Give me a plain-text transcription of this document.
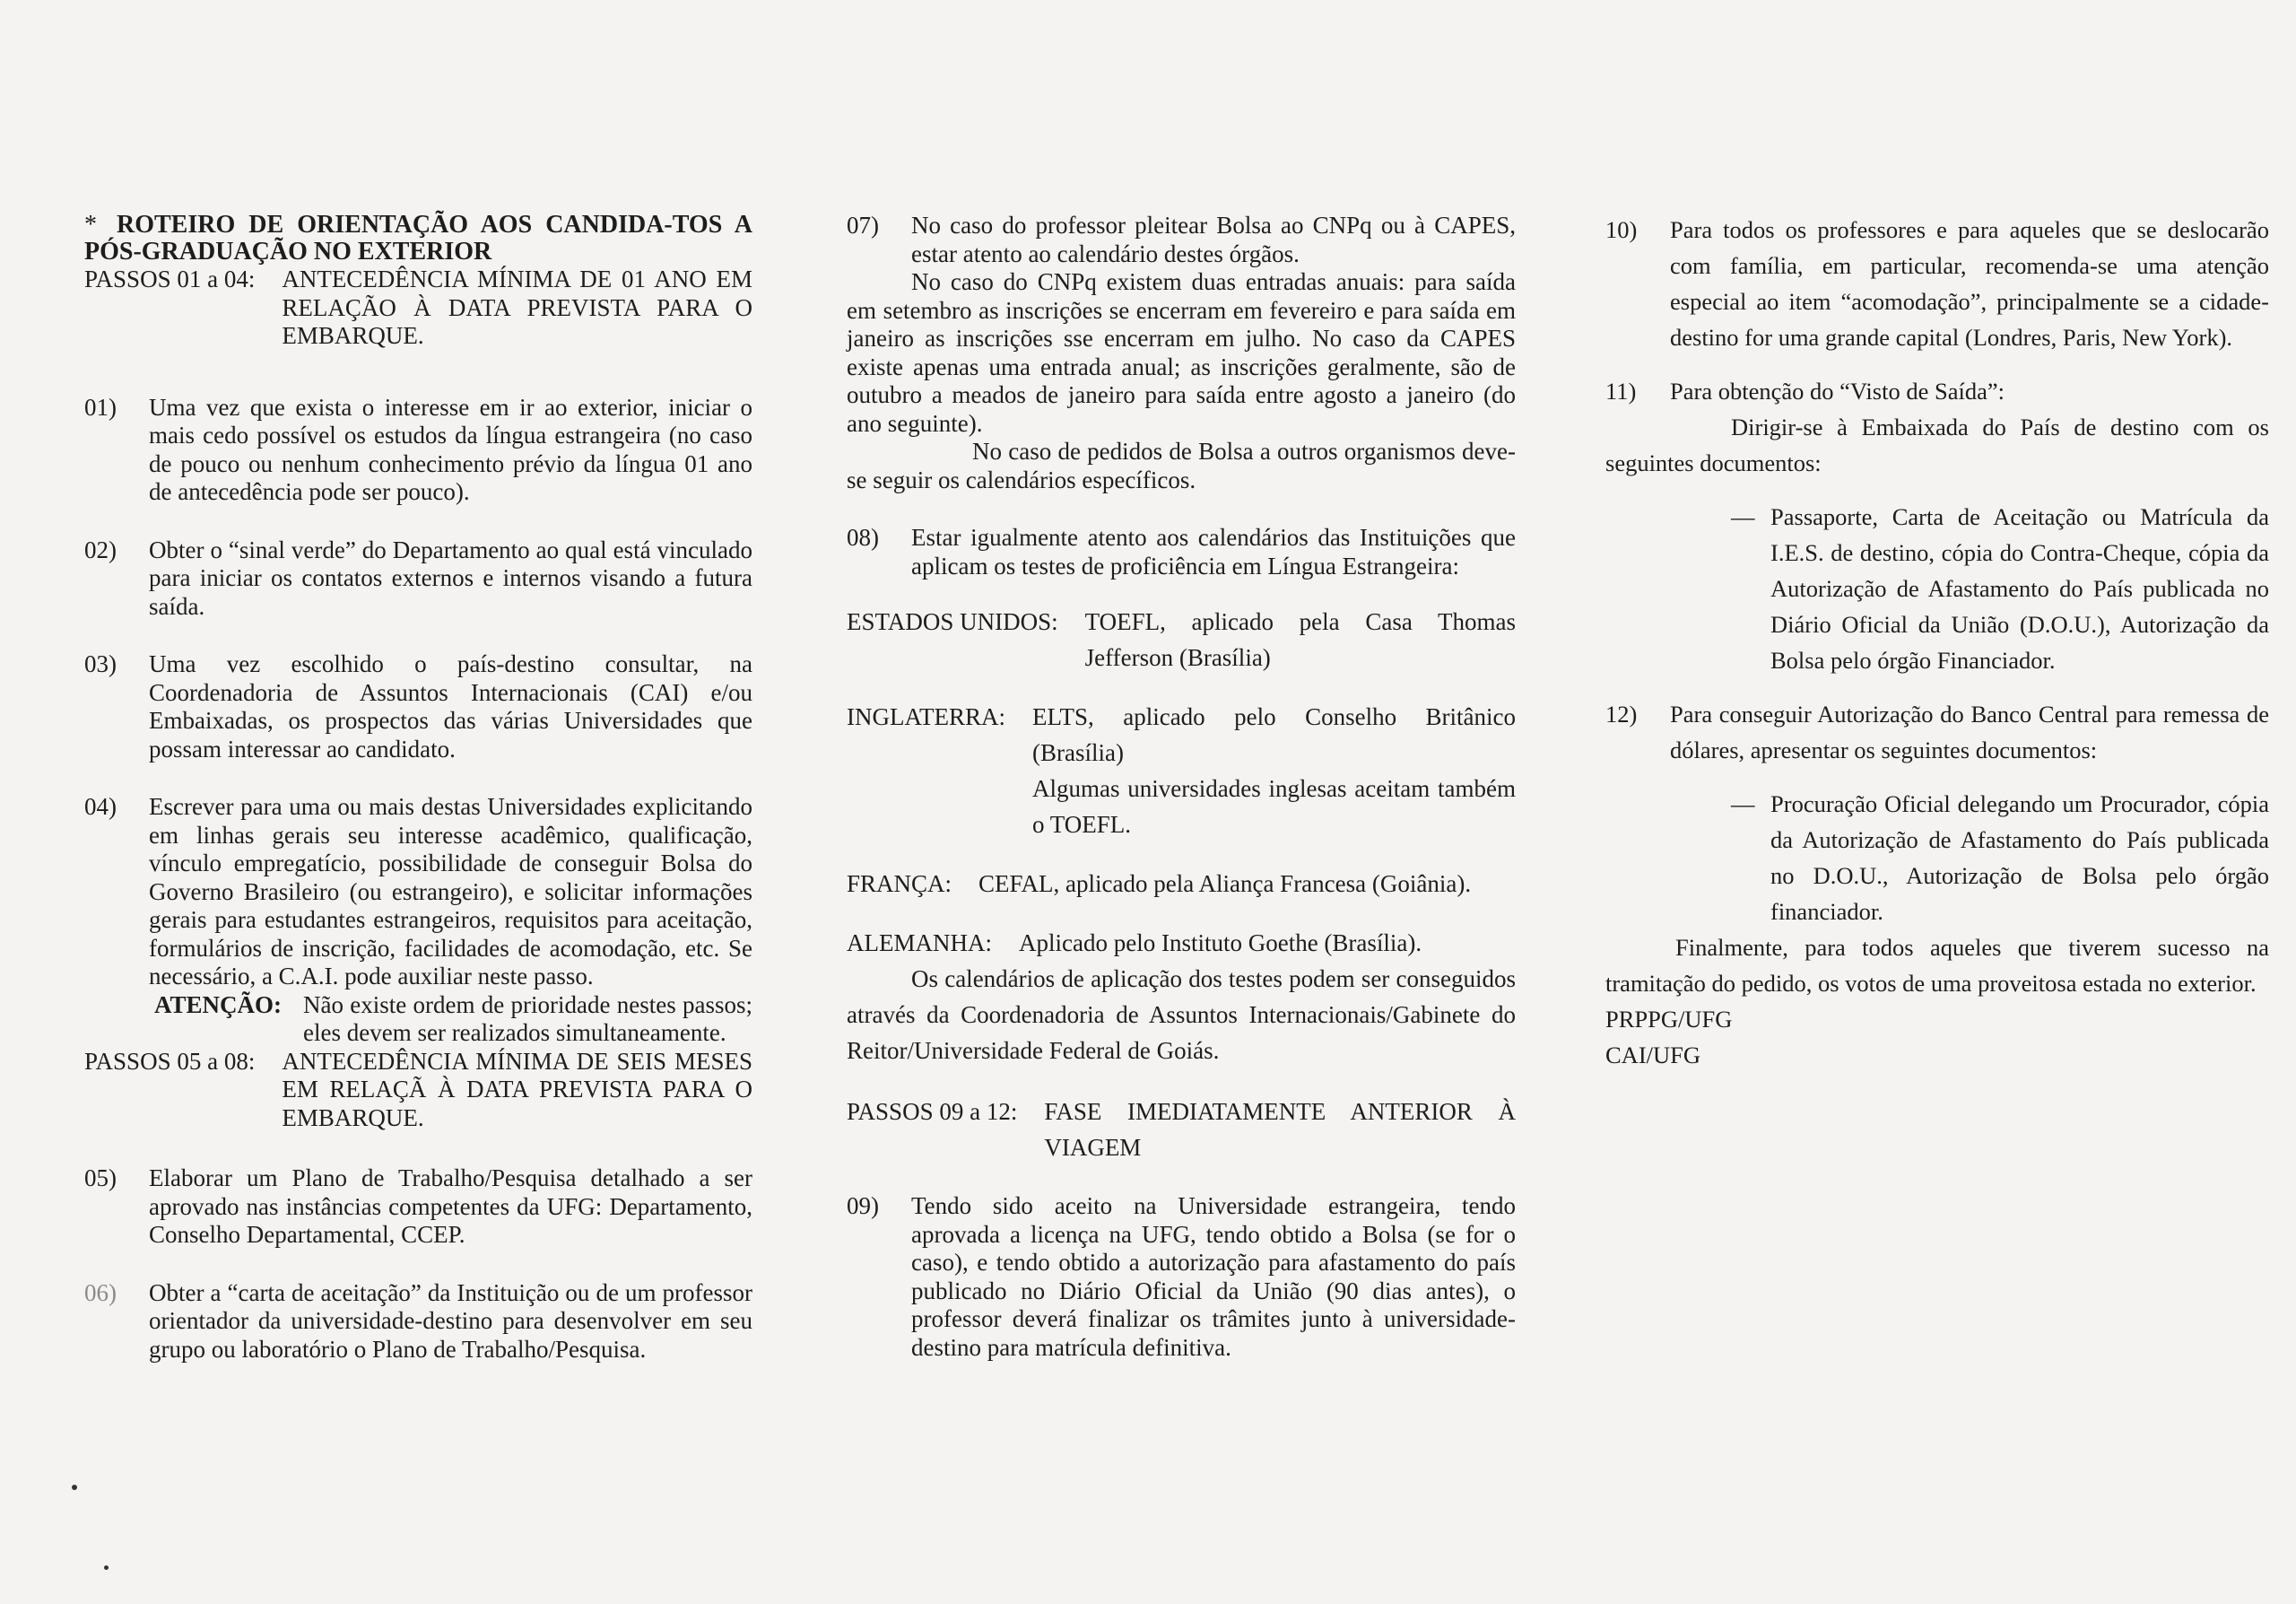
* ROTEIRO DE ORIENTAÇÃO AOS CANDIDA-TOS A PÓS-GRADUAÇÃO NO EXTERIOR
PASSOS 01 a 04:	ANTECEDÊNCIA MÍNIMA DE 01 ANO EM RELAÇÃO À DATA PREVISTA PARA O EMBARQUE.
01)	Uma vez que exista o interesse em ir ao exterior, iniciar o mais cedo possível os estudos da língua estrangeira (no caso de pouco ou nenhum conhecimento prévio da língua 01 ano de antecedência pode ser pouco).
02)	Obter o “sinal verde” do Departamento ao qual está vinculado para iniciar os contatos externos e internos visando a futura saída.
03)	Uma vez escolhido o país-destino consultar, na Coordenadoria de Assuntos Internacionais (CAI) e/ou Embaixadas, os prospectos das várias Universidades que possam interessar ao candidato.
04)	Escrever para uma ou mais destas Universidades explicitando em linhas gerais seu interesse acadêmico, qualificação, vínculo empregatício, possibilidade de conseguir Bolsa do Governo Brasileiro (ou estrangeiro), e solicitar informações gerais para estudantes estrangeiros, requisitos para aceitação, formulários de inscrição, facilidades de acomodação, etc. Se necessário, a C.A.I. pode auxiliar neste passo.
ATENÇÃO: Não existe ordem de prioridade nestes passos; eles devem ser realizados simultaneamente.
PASSOS 05 a 08:	ANTECEDÊNCIA MÍNIMA DE SEIS MESES EM RELAÇÃ À DATA PREVISTA PARA O EMBARQUE.
05)	Elaborar um Plano de Trabalho/Pesquisa detalhado a ser aprovado nas instâncias competentes da UFG: Departamento, Conselho Departamental, CCEP.
06)	Obter a “carta de aceitação” da Instituição ou de um professor orientador da universidade-destino para desenvolver em seu grupo ou laboratório o Plano de Trabalho/Pesquisa.
07)	No caso do professor pleitear Bolsa ao CNPq ou à CAPES, estar atento ao calendário destes órgãos.
No caso do CNPq existem duas entradas anuais: para saída em setembro as inscrições se encerram em fevereiro e para saída em janeiro as inscrições sse encerram em julho. No caso da CAPES existe apenas uma entrada anual; as inscrições geralmente, são de outubro a meados de janeiro para saída entre agosto a janeiro (do ano seguinte).
No caso de pedidos de Bolsa a outros organismos deve-se seguir os calendários específicos.
08)	Estar igualmente atento aos calendários das Instituições que aplicam os testes de proficiência em Língua Estrangeira:
ESTADOS UNIDOS:	TOEFL, aplicado pela Casa Thomas Jefferson (Brasília)
INGLATERRA:	ELTS, aplicado pelo Conselho Britânico (Brasília)
Algumas universidades inglesas aceitam também o TOEFL.
FRANÇA:	CEFAL, aplicado pela Aliança Francesa (Goiânia).
ALEMANHA:	Aplicado pelo Instituto Goethe (Brasília).
Os calendários de aplicação dos testes podem ser conseguidos através da Coordenadoria de Assuntos Internacionais/Gabinete do Reitor/Universidade Federal de Goiás.
PASSOS 09 a 12:	FASE IMEDIATAMENTE ANTERIOR À VIAGEM
09)	Tendo sido aceito na Universidade estrangeira, tendo aprovada a licença na UFG, tendo obtido a Bolsa (se for o caso), e tendo obtido a autorização para afastamento do país publicado no Diário Oficial da União (90 dias antes), o professor deverá finalizar os trâmites junto à universidade-destino para matrícula definitiva.
10)	Para todos os professores e para aqueles que se deslocarão com família, em particular, recomenda-se uma atenção especial ao item “acomodação”, principalmente se a cidade-destino for uma grande capital (Londres, Paris, New York).
11)	Para obtenção do “Visto de Saída”:
Dirigir-se à Embaixada do País de destino com os seguintes documentos:
— Passaporte, Carta de Aceitação ou Matrícula da I.E.S. de destino, cópia do Contra-Cheque, cópia da Autorização de Afastamento do País publicada no Diário Oficial da União (D.O.U.), Autorização da Bolsa pelo órgão Financiador.
12)	Para conseguir Autorização do Banco Central para remessa de dólares, apresentar os seguintes documentos:
— Procuração Oficial delegando um Procurador, cópia da Autorização de Afastamento do País publicada no D.O.U., Autorização de Bolsa pelo órgão financiador.
Finalmente, para todos aqueles que tiverem sucesso na tramitação do pedido, os votos de uma proveitosa estada no exterior.
PRPPG/UFG
CAI/UFG
